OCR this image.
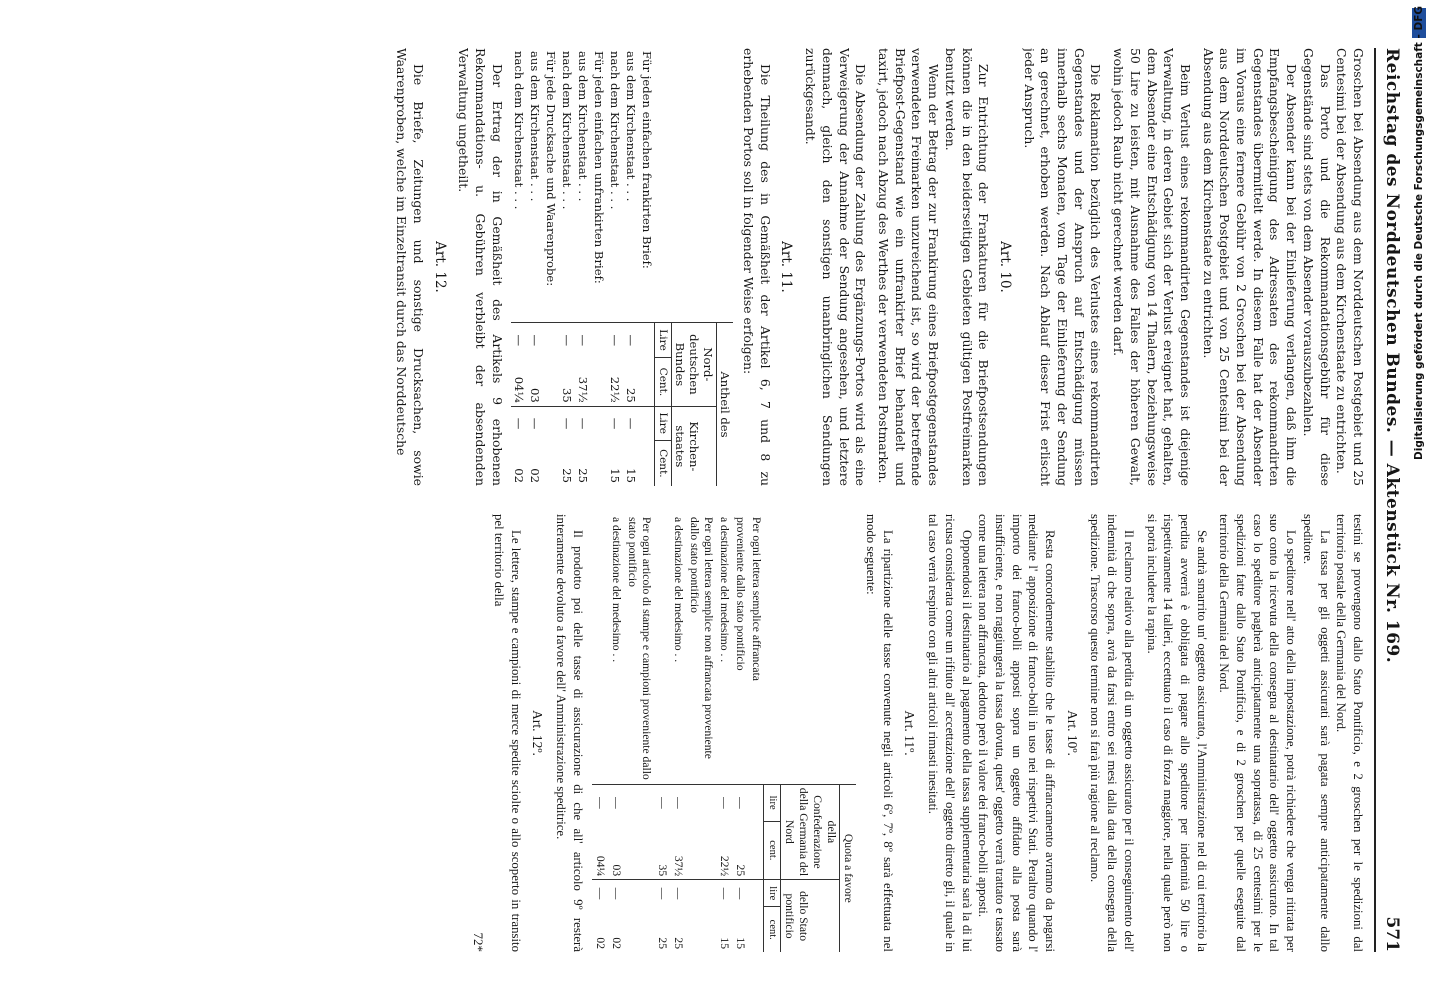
Reichstag des Norddeutschen Bundes. — Aktenstück Nr. 169.
571

Groschen bei Absendung aus dem Norddeutschen Postgebiet und 25 Centesimi bei der Absendung aus dem Kirchenstaate zu entrichten.

Das Porto und die Rekommandationsgebühr für diese Gegenstände sind stets von dem Absender vorauszubezahlen.

Der Absender kann bei der Einlieferung verlangen, daß ihm die Empfangsbescheinigung des Adressaten des rekommandirten Gegenstandes übermittelt werde. In diesem Falle hat der Absender im Voraus eine fernere Gebühr von 2 Groschen bei der Absendung aus dem Norddeutschen Postgebiet und von 25 Centesimi bei der Absendung aus dem Kirchenstaate zu entrichten.

Beim Verlust eines rekommandirten Gegenstandes ist diejenige Verwaltung, in deren Gebiet sich der Verlust ereignet hat, gehalten, dem Absender eine Entschädigung von 14 Thalern, beziehungsweise 50 Lire zu leisten, mit Ausnahme des Falles der höheren Gewalt, wohin jedoch Raub nicht gerechnet werden darf.

Die Reklamation bezüglich des Verlustes eines rekommandirten Gegenstandes und der Anspruch auf Entschädigung müssen innerhalb sechs Monaten, vom Tage der Einlieferung der Sendung an gerechnet, erhoben werden. Nach Ablauf dieser Frist erlischt jeder Anspruch.

Art. 10.

Zur Entrichtung der Frankaturen für die Briefpostsendungen können die in den beiderseitigen Gebieten gültigen Postfreimarken benutzt werden.

Wenn der Betrag der zur Frankirung eines Briefpostgegenstandes verwendeten Freimarken unzureichend ist, so wird der betreffende Briefpost-Gegenstand wie ein unfrankirter Brief behandelt und taxirt, jedoch nach Abzug des Werthes der verwendeten Postmarken.

Die Absendung der Zahlung des Ergänzungs-Portos wird als eine Verweigerung der Annahme der Sendung angesehen, und letztere demnach, gleich den sonstigen unanbringlichen Sendungen zurückgesandt.

Art. 11.

Die Theilung des in Gemäßheit der Artikel 6, 7 und 8 zu erhebenden Portos soll in folgender Weise erfolgen:

	Antheil des			
	Nord-deutschen Bundes		Kirchen-staates	
	Lire	Cent.	Lire	Cent.
Für jeden einfachen frankirten Brief:				
aus dem Kirchenstaat . . .	—	25	—	15
nach dem Kirchenstaat . . .	—	22½	—	15
Für jeden einfachen unfrankirten Brief:				
aus dem Kirchenstaat . . .	—	37½	—	25
nach dem Kirchenstaat . . .	—	35	—	25
Für jede Drucksache und Waarenprobe:				
aus dem Kirchenstaat . . .	—	03	—	02
nach dem Kirchenstaat . . .	—	04¼	—	02

Der Ertrag der in Gemäßheit des Artikels 9 erhobenen Rekommandations- u. Gebühren verbleibt der absendenden Verwaltung ungetheilt.

Art. 12.

Die Briefe, Zeitungen und sonstige Drucksachen, sowie Waarenproben, welche im Einzeltransit durch das Norddeutsche

testini se provengono dallo Stato Pontificio, e 2 groschen per le spedizioni dal territorio postale della Germania del Nord.

La tassa per gli oggetti assicurati sarà pagata sempre anticipatamente dallo speditore.

Lo speditore nell' atto della impostazione, potrà richiedere che venga ritirata per suo conto la ricevuta della consegna al destinatario dell' oggetto assicurato. In tal caso lo speditore pagherà anticipatamente una sopratassa, di 25 centesimi per le spedizioni fatte dallo Stato Pontificio, e di 2 groschen per quelle eseguite dal territorio della Germania del Nord.

Se andrà smarrito un' oggetto assicurato, l'Amministrazione nel di cui territorio la perdita avverrà è obbligata di pagare allo speditore per indennità 50 lire o rispettivamente 14 talleri, eccettuato il caso di forza maggiore, nella quale però non si potrà includere la rapina.

Il reclamo relativo alla perdita di un oggetto assicurato per il conseguimento dell' indennità di che sopra, avrà da farsi entro sei mesi dalla data della consegna della spedizione. Trascorso questo termine non si farà più ragione al reclamo.

Art. 10º.

Resta concordemente stabilito che le tasse di affrancamento avranno da pagarsi mediante l' apposizione di franco-bolli in uso nei rispettivi Stati. Peraltro quando l' importo dei franco-bolli apposti sopra un oggetto affidato alla posta sarà insufficiente, e non raggiungerà la tassa dovuta, quest' oggetto verrà trattato e tassato come una lettera non affrancata, dedotto però il valore dei franco-bolli apposti.

Opponendosi il destinatario al pagamento della tassa supplementaria sarà la di lui ricusa considerata come un rifiuto all' accettazione dell' oggetto diretto gli, il quale in tal caso verrà respinto con gli altri articoli rimasti inesitati.

Art. 11º.

La ripartizione delle tasse convenute negli articoli 6º, 7º, 8º sarà effettuata nel modo seguente:

	Quota a favore			
	della Confederazione della Germania del Nord		dello Stato pontificio	
	lire	cent.	lire	cent.
Per ogni lettera semplice affrancata				
proveniente dallo stato pontificio	—	25	—	15
a destinazione del medesimo . .	—	22½	—	15
Per ogni lettera semplice non affrancata proveniente dallo stato pontificio				
a destinazione del medesimo . .	—	37½	—	25
	—	35	—	25
Per ogni articolo di stampe e campioni proveniente dallo stato pontificio				
a destinazione del medesimo . .	—	03	—	02
	—	04¼	—	02

Il prodotto poi delle tasse di assicurazione di che all' articolo 9º resterà interamente devoluto a favore dell' Amministrazione speditrice.

Art. 12º.

Le lettere, stampe e campioni di merce spedite sciolte o allo scoperto in transito pel territorio della

72*
Digitalisierung gefördert durch die Deutsche Forschungsgemeinschaft - DFG
